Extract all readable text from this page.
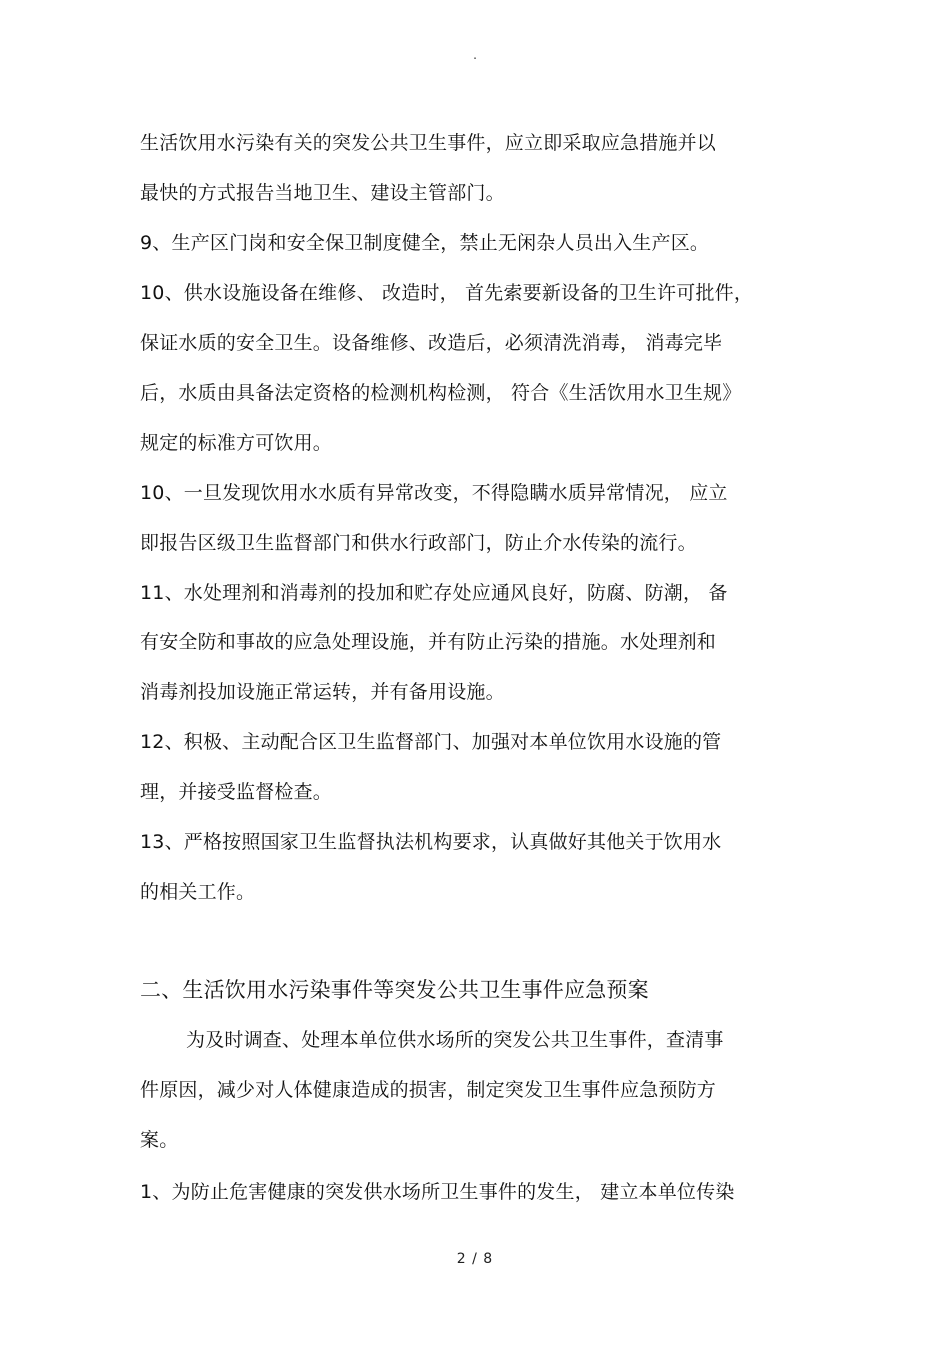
.
生活饮用水污染有关的突发公共卫生事件，应立即采取应急措施并以
最快的方式报告当地卫生、建设主管部门。
9、生产区门岗和安全保卫制度健全，禁止无闲杂人员出入生产区。
10、供水设施设备在维修、 改造时， 首先索要新设备的卫生许可批件，
保证水质的安全卫生。设备维修、改造后，必须清洗消毒， 消毒完毕
后，水质由具备法定资格的检测机构检测， 符合《生活饮用水卫生规》
规定的标准方可饮用。
10、一旦发现饮用水水质有异常改变，不得隐瞒水质异常情况， 应立
即报告区级卫生监督部门和供水行政部门，防止介水传染的流行。
11、水处理剂和消毒剂的投加和贮存处应通风良好，防腐、防潮， 备
有安全防和事故的应急处理设施，并有防止污染的措施。水处理剂和
消毒剂投加设施正常运转，并有备用设施。
12、积极、主动配合区卫生监督部门、加强对本单位饮用水设施的管
理，并接受监督检查。
13、严格按照国家卫生监督执法机构要求，认真做好其他关于饮用水
的相关工作。
二、生活饮用水污染事件等突发公共卫生事件应急预案
为及时调查、处理本单位供水场所的突发公共卫生事件，查清事
件原因，减少对人体健康造成的损害，制定突发卫生事件应急预防方
案。
1、为防止危害健康的突发供水场所卫生事件的发生， 建立本单位传染
2 / 8
